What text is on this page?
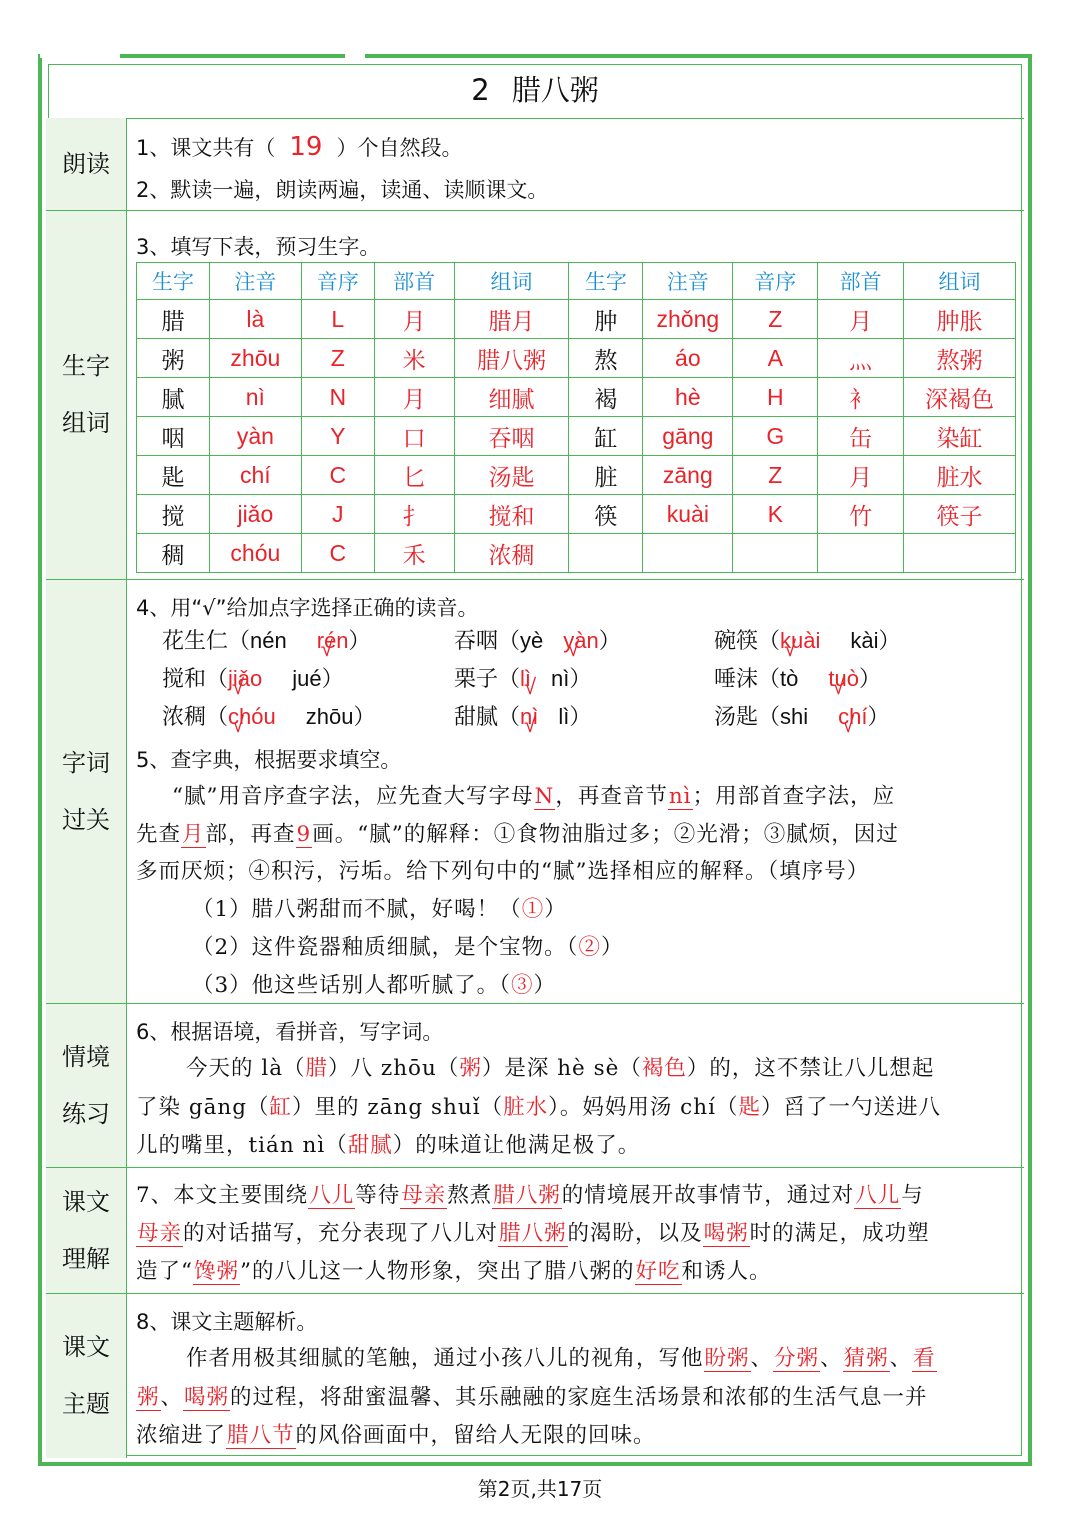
2 腊八粥
朗读
1、课文共有（ 19 ）个自然段。
2、默读一遍，朗读两遍，读通、读顺课文。
生字
组词
3、填写下表，预习生字。
生字	注音	音序	部首	组词	生字	注音	音序	部首	组词
腊	là	L	月	腊月	肿	zhǒng	Z	月	肿胀
粥	zhōu	Z	米	腊八粥	熬	áo	A	灬	熬粥
腻	nì	N	月	细腻	褐	hè	H	衤	深褐色
咽	yàn	Y	口	吞咽	缸	gāng	G	缶	染缸
匙	chí	C	匕	汤匙	脏	zāng	Z	月	脏水
搅	jiǎo	J	扌	搅和	筷	kuài	K	竹	筷子
稠	chóu	C	禾	浓稠					
字词
过关
4、用“√”给加点字选择正确的读音。
5、查字典，根据要求填空。
“腻”用音序查字法，应先查大写字母N，再查音节nì；用部首查字法，应
先查月部，再查9画。“腻”的解释：①食物油脂过多；②光滑；③腻烦，因过
多而厌烦；④积污，污垢。给下列句中的“腻”选择相应的解释。（填序号）
（1）腊八粥甜而不腻，好喝！（①）
（2）这件瓷器釉质细腻，是个宝物。（②）
（3）他这些话别人都听腻了。（③）
花生仁（nén rén √）	吞咽（yè yàn √）	碗筷（kuài √ kài）
搅和（jiǎo √ jué）	栗子（lì √ nì）	唾沫（tò tuò √）
浓稠（chóu √ zhōu）	甜腻（nì √ lì）	汤匙（shi chí √）
情境
练习
6、根据语境，看拼音，写字词。
今天的 là（腊）八 zhōu（粥）是深 hè sè（褐色）的，这不禁让八儿想起
了染 gāng（缸）里的 zāng shuǐ（脏水）。妈妈用汤 chí（匙）舀了一勺送进八
儿的嘴里，tián nì（甜腻）的味道让他满足极了。
课文
理解
7、本文主要围绕八儿等待母亲熬煮腊八粥的情境展开故事情节，通过对八儿与
母亲的对话描写，充分表现了八儿对腊八粥的渴盼，以及喝粥时的满足，成功塑
造了“馋粥”的八儿这一人物形象，突出了腊八粥的好吃和诱人。
课文
主题
8、课文主题解析。
作者用极其细腻的笔触，通过小孩八儿的视角，写他盼粥、分粥、猜粥、看
粥、喝粥的过程，将甜蜜温馨、其乐融融的家庭生活场景和浓郁的生活气息一并
浓缩进了腊八节的风俗画面中，留给人无限的回味。
第2页,共17页
